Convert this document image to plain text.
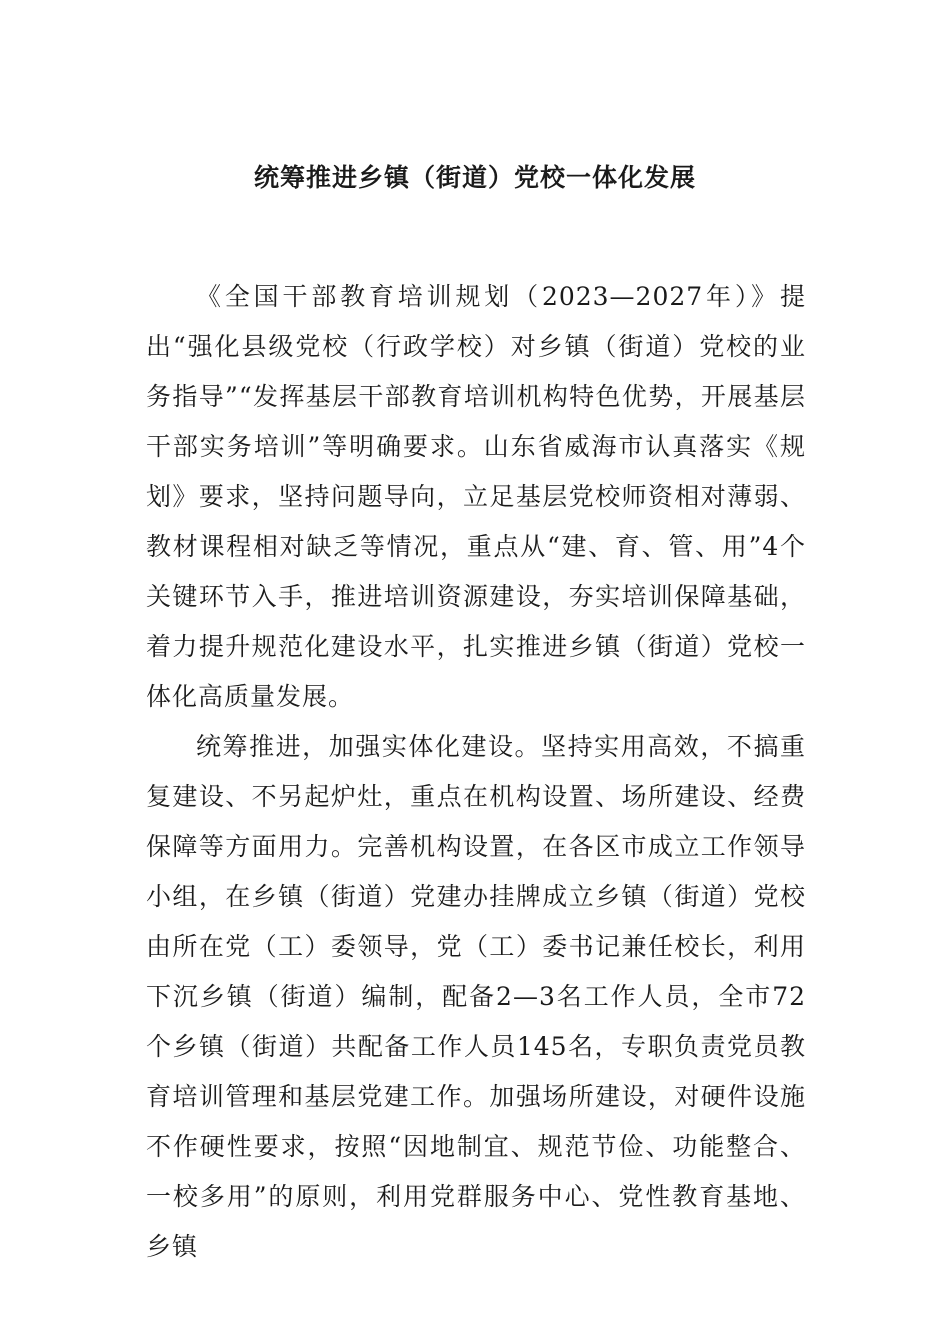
统筹推进乡镇（街道）党校一体化发展

《全国干部教育培训规划（2023—2027年）》提出“强化县级党校（行政学校）对乡镇（街道）党校的业务指导”“发挥基层干部教育培训机构特色优势，开展基层干部实务培训”等明确要求。山东省威海市认真落实《规划》要求，坚持问题导向，立足基层党校师资相对薄弱、教材课程相对缺乏等情况，重点从“建、育、管、用”4个关键环节入手，推进培训资源建设，夯实培训保障基础，着力提升规范化建设水平，扎实推进乡镇（街道）党校一体化高质量发展。

统筹推进，加强实体化建设。坚持实用高效，不搞重复建设、不另起炉灶，重点在机构设置、场所建设、经费保障等方面用力。完善机构设置，在各区市成立工作领导小组，在乡镇（街道）党建办挂牌成立乡镇（街道）党校由所在党（工）委领导，党（工）委书记兼任校长，利用下沉乡镇（街道）编制，配备2—3名工作人员，全市72个乡镇（街道）共配备工作人员145名，专职负责党员教育培训管理和基层党建工作。加强场所建设，对硬件设施不作硬性要求，按照“因地制宜、规范节俭、功能整合、一校多用”的原则，利用党群服务中心、党性教育基地、乡镇
